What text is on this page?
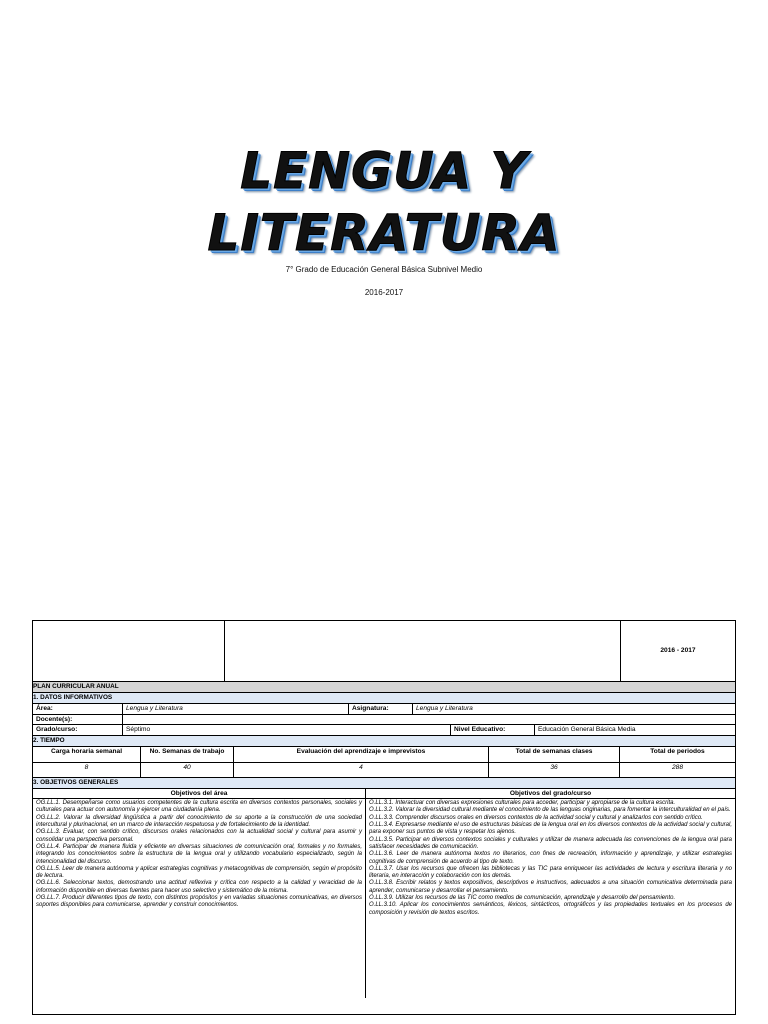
LENGUA Y
LITERATURA
7° Grado de Educación General Básica Subnivel Medio
2016-2017
2016 - 2017
PLAN CURRICULAR ANUAL
1. DATOS INFORMATIVOS
Área:	Lengua y Literatura	Asignatura:	Lengua y Literatura
Docente(s):
Grado/curso:	Séptimo	Nivel Educativo:	Educación General Básica Media
2. TIEMPO
Carga horaria semanal	No. Semanas de trabajo	Evaluación del aprendizaje e imprevistos	Total de semanas clases	Total de periodos
8	40	4	36	288
3. OBJETIVOS GENERALES
Objetivos del área	Objetivos del grado/curso
OG.LL.1. Desempeñarse como usuarios competentes de la cultura escrita en diversos contextos personales, sociales y culturales para actuar con autonomía y ejercer una ciudadanía plena.
OG.LL.2. Valorar la diversidad lingüística a partir del conocimiento de su aporte a la construcción de una sociedad intercultural y plurinacional, en un marco de interacción respetuosa y de fortalecimiento de la identidad.
OG.LL.3. Evaluar, con sentido crítico, discursos orales relacionados con la actualidad social y cultural para asumir y consolidar una perspectiva personal.
OG.LL.4. Participar de manera fluida y eficiente en diversas situaciones de comunicación oral, formales y no formales, integrando los conocimientos sobre la estructura de la lengua oral y utilizando vocabulario especializado, según la intencionalidad del discurso.
OG.LL.5. Leer de manera autónoma y aplicar estrategias cognitivas y metacognitivas de comprensión, según el propósito de lectura.
OG.LL.6. Seleccionar textos, demostrando una actitud reflexiva y crítica con respecto a la calidad y veracidad de la información disponible en diversas fuentes para hacer uso selectivo y sistemático de la misma.
OG.LL.7. Producir diferentes tipos de texto, con distintos propósitos y en variadas situaciones comunicativas, en diversos soportes disponibles para comunicarse, aprender y construir conocimientos.
O.LL.3.1. Interactuar con diversas expresiones culturales para acceder, participar y apropiarse de la cultura escrita.
O.LL.3.2. Valorar la diversidad cultural mediante el conocimiento de las lenguas originarias, para fomentar la interculturalidad en el país.
O.LL.3.3. Comprender discursos orales en diversos contextos de la actividad social y cultural y analizarlos con sentido crítico.
O.LL.3.4. Expresarse mediante el uso de estructuras básicas de la lengua oral en los diversos contextos de la actividad social y cultural, para exponer sus puntos de vista y respetar los ajenos.
O.LL.3.5. Participar en diversos contextos sociales y culturales y utilizar de manera adecuada las convenciones de la lengua oral para satisfacer necesidades de comunicación.
O.LL.3.6. Leer de manera autónoma textos no literarios, con fines de recreación, información y aprendizaje, y utilizar estrategias cognitivas de comprensión de acuerdo al tipo de texto.
O.LL.3.7. Usar los recursos que ofrecen las bibliotecas y las TIC para enriquecer las actividades de lectura y escritura literaria y no literaria, en interacción y colaboración con los demás.
O.LL.3.8. Escribir relatos y textos expositivos, descriptivos e instructivos, adecuados a una situación comunicativa determinada para aprender, comunicarse y desarrollar el pensamiento.
O.LL.3.9. Utilizar los recursos de las TIC como medios de comunicación, aprendizaje y desarrollo del pensamiento.
O.LL.3.10. Aplicar los conocimientos semánticos, léxicos, sintácticos, ortográficos y las propiedades textuales en los procesos de composición y revisión de textos escritos.
